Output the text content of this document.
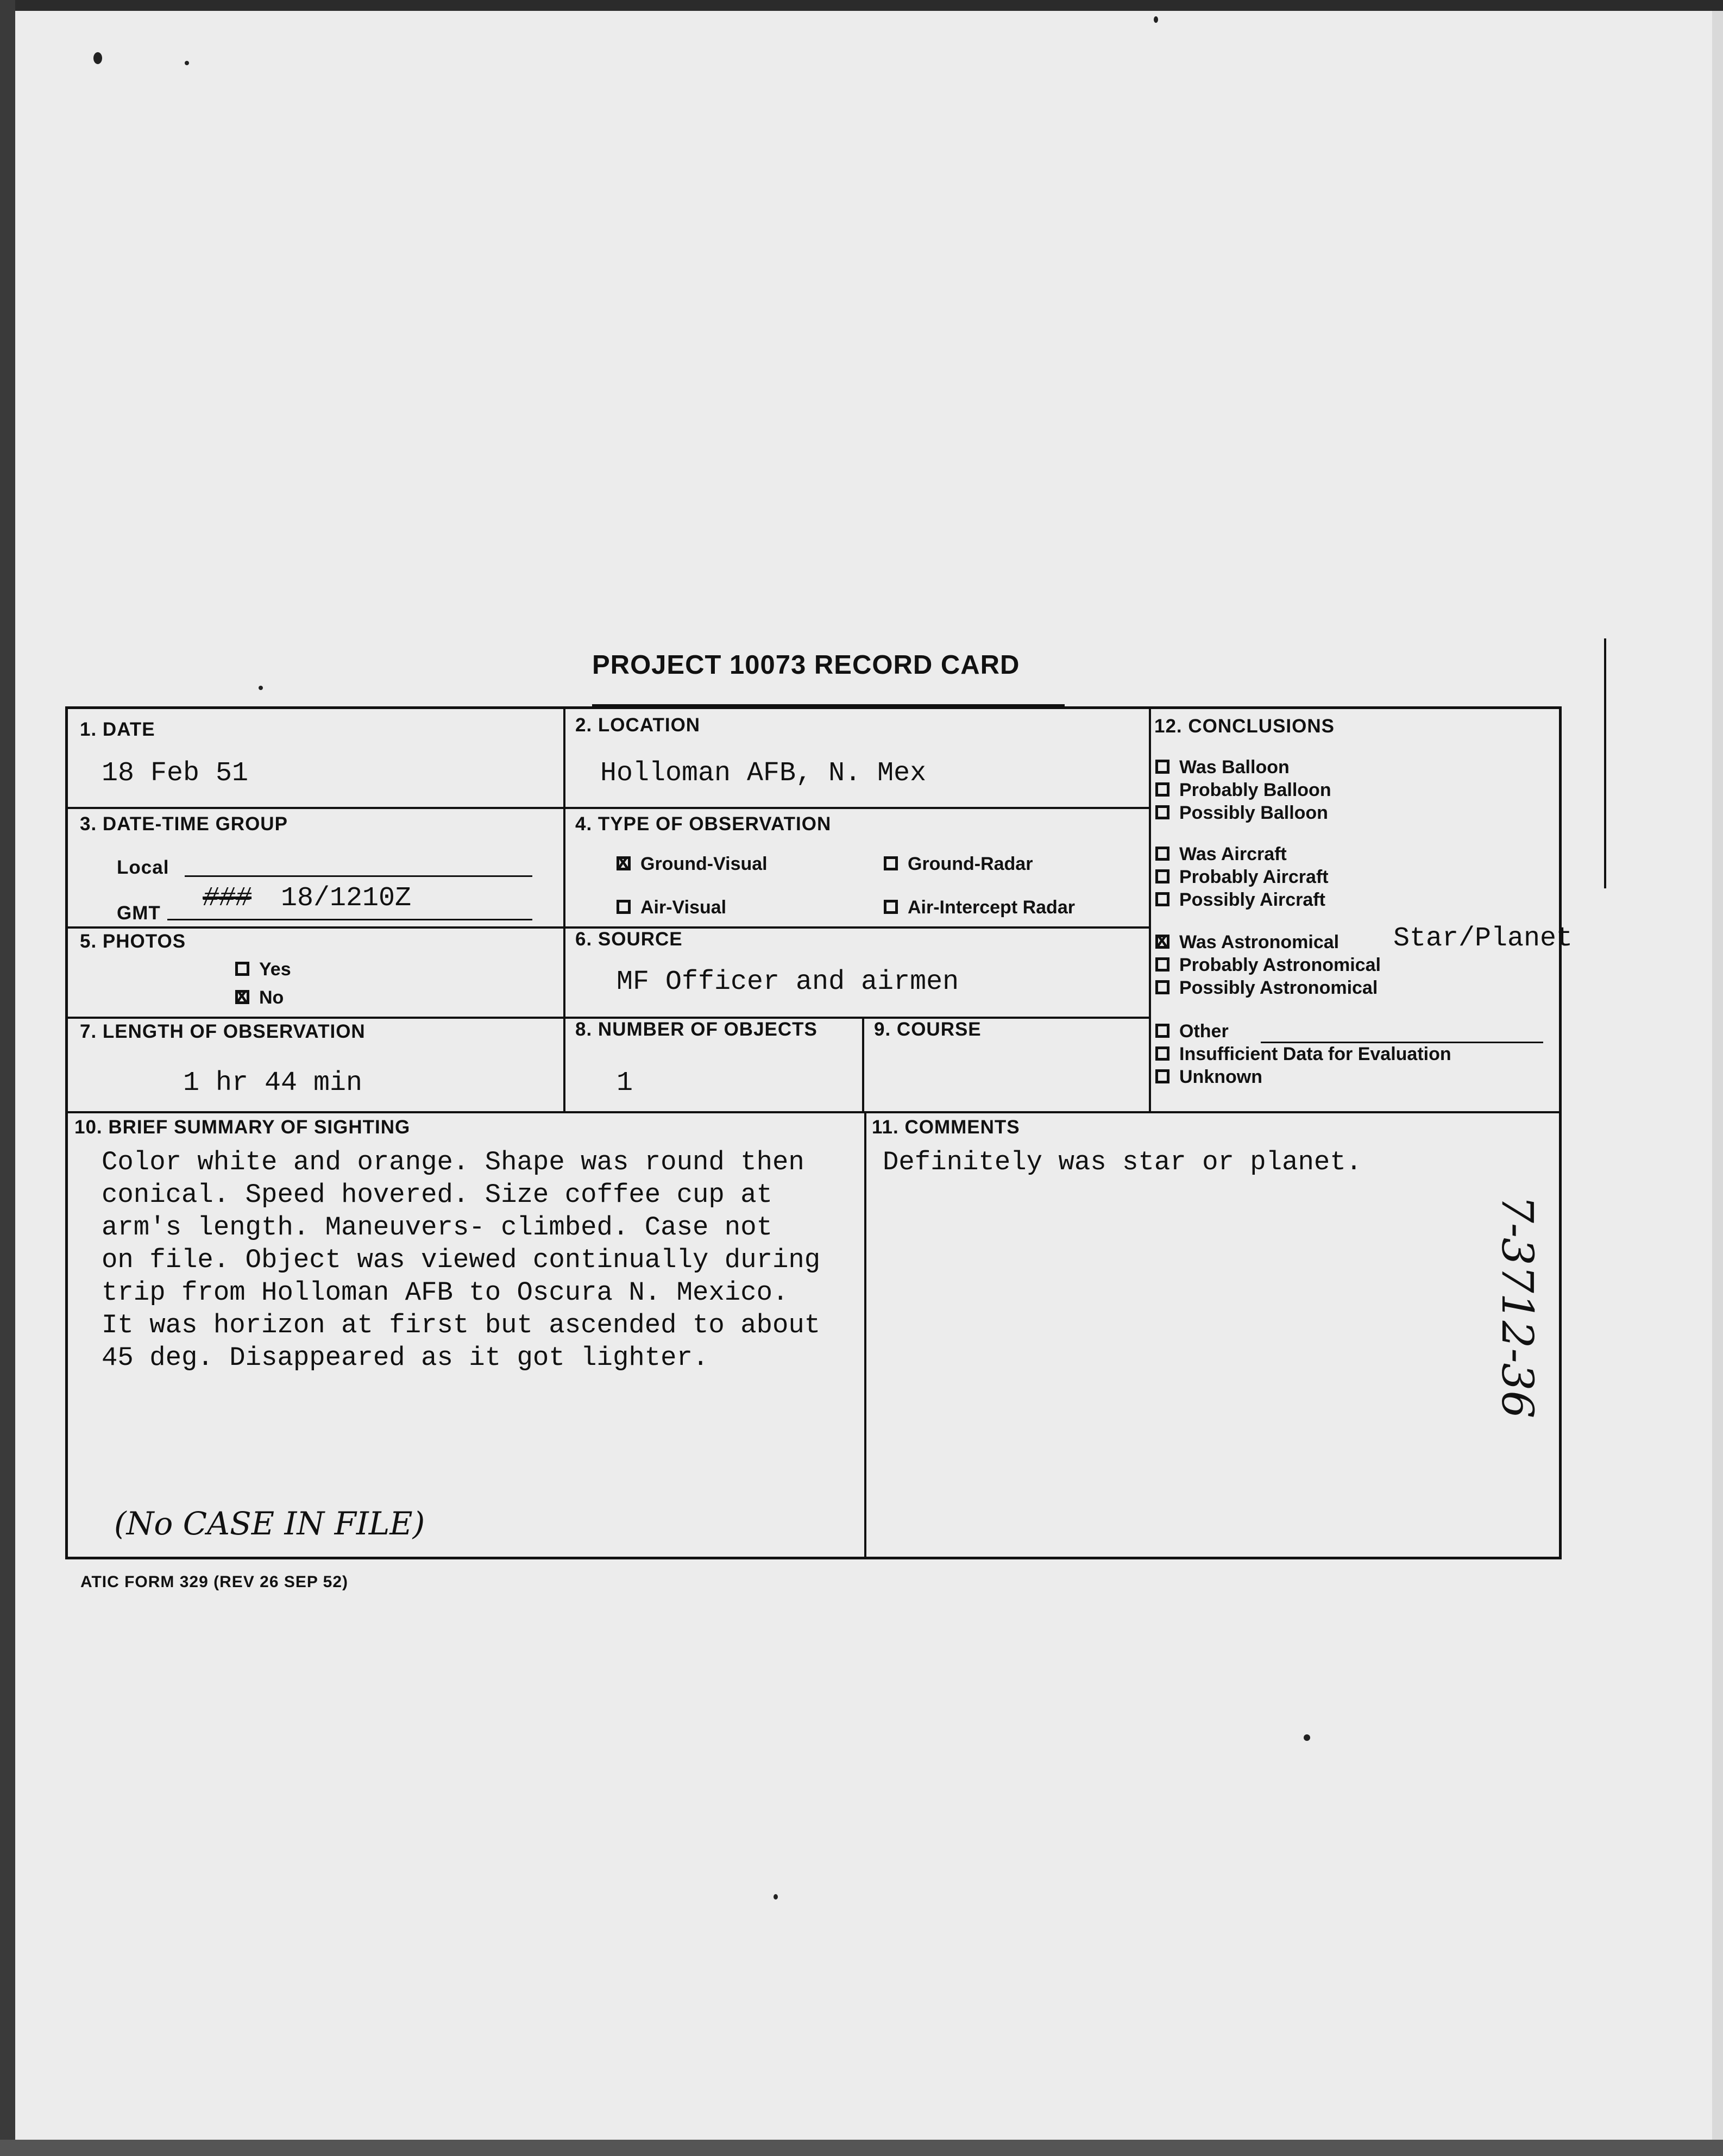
PROJECT 10073 RECORD CARD
1. DATE
18 Feb 51
2. LOCATION
Holloman AFB, N. Mex
12. CONCLUSIONS
Was Balloon
Probably Balloon
Possibly Balloon
Was Aircraft
Probably Aircraft
Possibly Aircraft
xWas Astronomical Star/Planet
Probably Astronomical
Possibly Astronomical
Other
Insufficient Data for Evaluation
Unknown
3. DATE-TIME GROUP
Local
GMT ### 18/1210Z
4. TYPE OF OBSERVATION
xGround-Visual	Ground-Radar
Air-Visual	Air-Intercept Radar
5. PHOTOS
Yes
xNo
6. SOURCE
MF Officer and airmen
7. LENGTH OF OBSERVATION
1 hr 44 min
8. NUMBER OF OBJECTS
1
9. COURSE
10. BRIEF SUMMARY OF SIGHTING
Color white and orange. Shape was round then
conical. Speed hovered. Size coffee cup at
arm's length. Maneuvers- climbed. Case not
on file. Object was viewed continually during
trip from Holloman AFB to Oscura N. Mexico.
It was horizon at first but ascended to about
45 deg. Disappeared as it got lighter.
11. COMMENTS
Definitely was star or planet.
(No CASE IN FILE)
ATIC FORM 329 (REV 26 SEP 52)
7-3712-36
